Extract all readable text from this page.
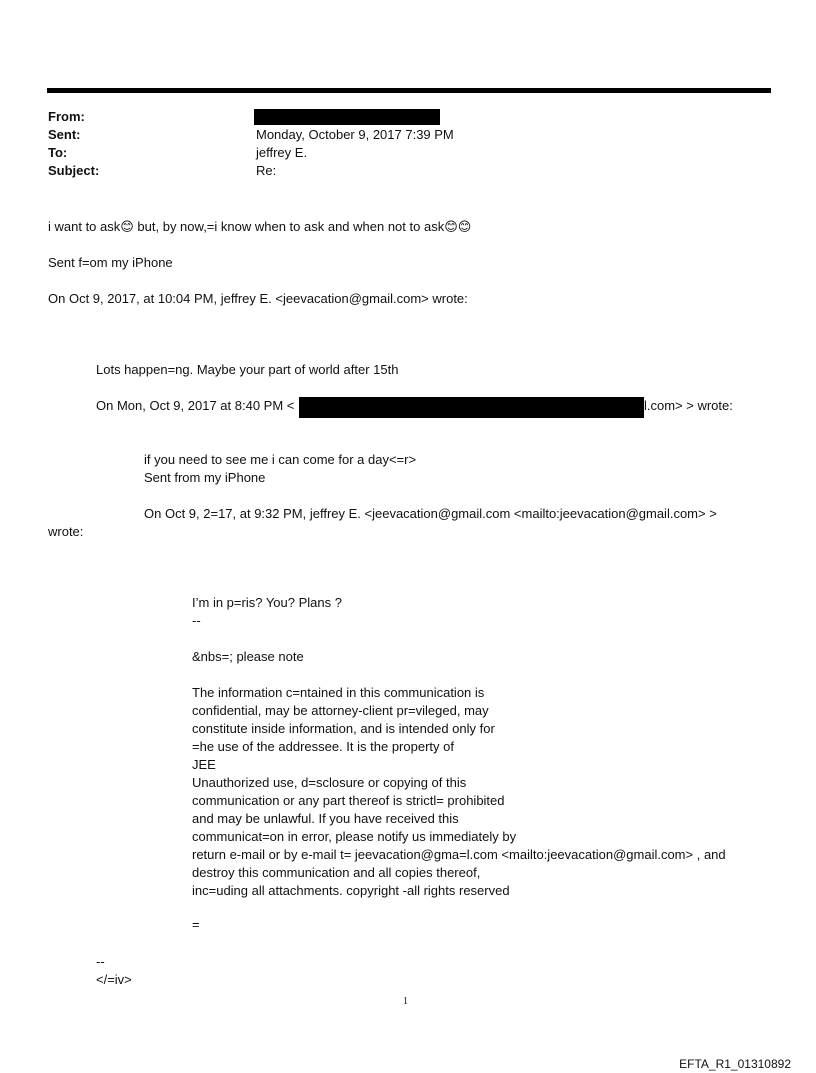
From:
Sent:	Monday, October 9, 2017 7:39 PM
To:	jeffrey E.
Subject:	Re:
i want to ask😊 but, by now,=i know when to ask and when not to ask😊😊
Sent f=om my iPhone
On Oct 9, 2017, at 10:04 PM, jeffrey E. <jeevacation@gmail.com> wrote:
Lots happen=ng. Maybe your part of world after 15th
On Mon, Oct 9, 2017 at 8:40 PM <	l.com> > wrote:
if you need to see me i can come for a day<=r>
Sent from my iPhone
On Oct 9, 2=17, at 9:32 PM, jeffrey E. <jeevacation@gmail.com <mailto:jeevacation@gmail.com> >
wrote:
I’m in p=ris? You? Plans ?
--
&nbs=; please note
The information c=ntained in this communication is
confidential, may be attorney-client pr=vileged, may
constitute inside information, and is intended only for
=he use of the addressee. It is the property of
JEE
Unauthorized use, d=sclosure or copying of this
communication or any part thereof is strictl= prohibited
and may be unlawful. If you have received this
communicat=on in error, please notify us immediately by
return e-mail or by e-mail t= jeevacation@gma=l.com <mailto:jeevacation@gmail.com> , and
destroy this communication and all copies thereof,
inc=uding all attachments. copyright -all rights reserved
=
--
</=iv>
1
EFTA_R1_01310892
